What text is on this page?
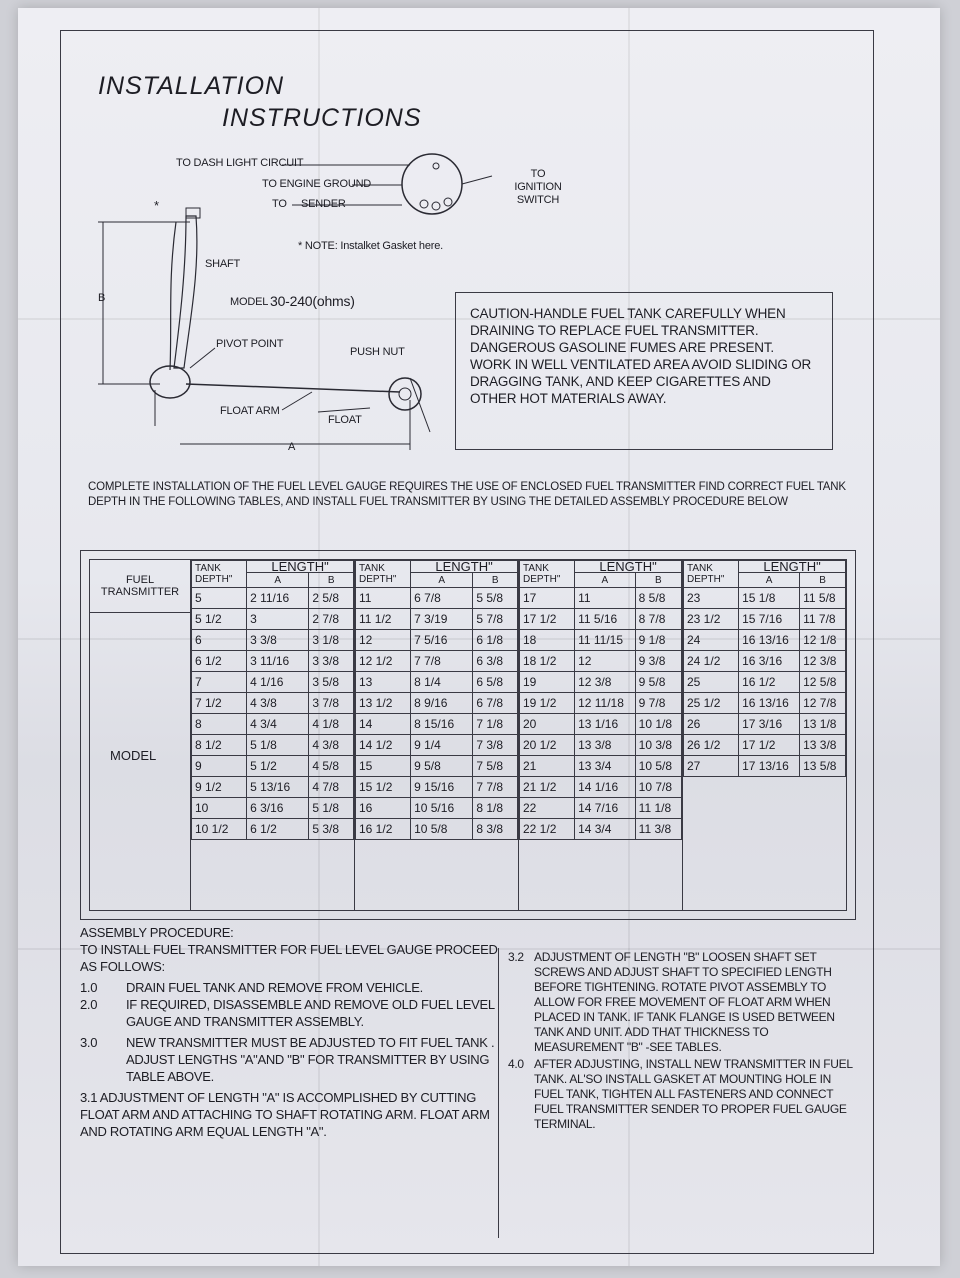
INSTALLATION
INSTRUCTIONS
TO DASH LIGHT CIRCUIT
TO ENGINE GROUND
TO     SENDER
TO IGNITION SWITCH
*
* NOTE: Instalket Gasket here.
SHAFT
B	MODEL 30-240(ohms)
PIVOT POINT
PUSH NUT
FLOAT ARM
FLOAT
A
CAUTION-HANDLE FUEL TANK CAREFULLY WHEN DRAINING TO REPLACE FUEL TRANSMITTER. DANGEROUS GASOLINE FUMES ARE PRESENT. WORK IN WELL VENTILATED AREA AVOID SLIDING OR DRAGGING TANK, AND KEEP CIGARETTES AND OTHER HOT MATERIALS AWAY.
COMPLETE INSTALLATION OF THE FUEL LEVEL GAUGE REQUIRES THE USE OF ENCLOSED FUEL TRANSMITTER FIND CORRECT FUEL TANK DEPTH IN THE FOLLOWING TABLES, AND INSTALL FUEL TRANSMITTER BY USING THE DETAILED ASSEMBLY PROCEDURE BELOW
FUEL TRANSMITTER
MODEL
TANK DEPTH"	LENGTH"	
	A	B
5	2 11/16	2 5/8
5 1/2	3	2 7/8
6	3 3/8	3 1/8
6 1/2	3 11/16	3 3/8
7	4 1/16	3 5/8
7 1/2	4 3/8	3 7/8
8	4 3/4	4 1/8
8 1/2	5 1/8	4 3/8
9	5 1/2	4 5/8
9 1/2	5 13/16	4 7/8
10	6 3/16	5 1/8
10 1/2	6 1/2	5 3/8
TANK DEPTH"	LENGTH"	
	A	B
11	6 7/8	5 5/8
11 1/2	7 3/19	5 7/8
12	7 5/16	6 1/8
12 1/2	7 7/8	6 3/8
13	8 1/4	6 5/8
13 1/2	8 9/16	6 7/8
14	8 15/16	7 1/8
14 1/2	9 1/4	7 3/8
15	9 5/8	7 5/8
15 1/2	9 15/16	7 7/8
16	10 5/16	8 1/8
16 1/2	10 5/8	8 3/8
TANK DEPTH"	LENGTH"	
	A	B
17	11	8 5/8
17 1/2	11 5/16	8 7/8
18	11 11/15	9 1/8
18 1/2	12	9 3/8
19	12 3/8	9 5/8
19 1/2	12 11/18	9 7/8
20	13 1/16	10 1/8
20 1/2	13 3/8	10 3/8
21	13 3/4	10 5/8
21 1/2	14 1/16	10 7/8
22	14 7/16	11 1/8
22 1/2	14 3/4	11 3/8
TANK DEPTH"	LENGTH"	
	A	B
23	15 1/8	11 5/8
23 1/2	15 7/16	11 7/8
24	16 13/16	12 1/8
24 1/2	16 3/16	12 3/8
25	16 1/2	12 5/8
25 1/2	16 13/16	12 7/8
26	17 3/16	13 1/8
26 1/2	17 1/2	13 3/8
27	17 13/16	13 5/8

ASSEMBLY PROCEDURE:

TO INSTALL FUEL TRANSMITTER FOR FUEL LEVEL GAUGE PROCEED AS FOLLOWS:

1.0	DRAIN FUEL TANK AND REMOVE FROM VEHICLE.
2.0	IF REQUIRED, DISASSEMBLE AND REMOVE OLD FUEL LEVEL GAUGE AND TRANSMITTER ASSEMBLY.
3.0	NEW TRANSMITTER MUST BE ADJUSTED TO FIT FUEL TANK . ADJUST LENGTHS "A"AND "B" FOR TRANSMITTER BY USING TABLE ABOVE.

3.1 ADJUSTMENT OF LENGTH "A" IS ACCOMPLISHED BY CUTTING FLOAT ARM AND ATTACHING TO SHAFT ROTATING ARM. FLOAT ARM AND ROTATING ARM EQUAL LENGTH "A".

3.2 ADJUSTMENT OF LENGTH "B" LOOSEN SHAFT SET SCREWS AND ADJUST SHAFT TO SPECIFIED LENGTH BEFORE TIGHTENING. ROTATE PIVOT ASSEMBLY TO ALLOW FOR FREE MOVEMENT OF FLOAT ARM WHEN PLACED IN TANK. IF TANK FLANGE IS USED BETWEEN TANK AND UNIT. ADD THAT THICKNESS TO MEASUREMENT "B" -SEE TABLES.
4.0 AFTER ADJUSTING, INSTALL NEW TRANSMITTER IN FUEL TANK. AL'SO INSTALL GASKET AT MOUNTING HOLE IN FUEL TANK, TIGHTEN ALL FASTENERS AND CONNECT FUEL TRANSMITTER SENDER TO PROPER FUEL GAUGE TERMINAL.
